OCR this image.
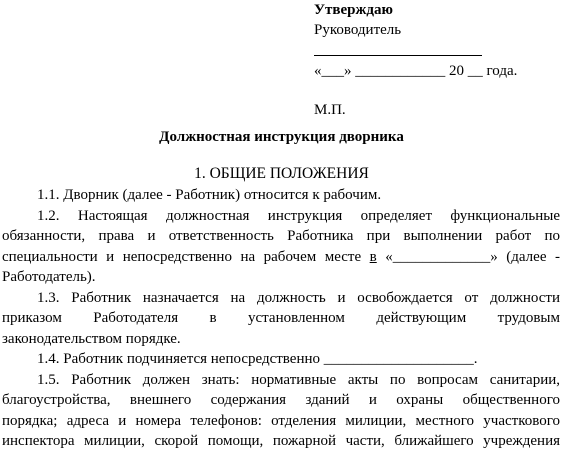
Утверждаю
Руководитель
«___» ____________ 20 __ года.
М.П.
Должностная инструкция дворника
1. ОБЩИЕ ПОЛОЖЕНИЯ
1.1. Дворник (далее - Работник) относится к рабочим.
1.2. Настоящая должностная инструкция определяет функциональные
обязанности, права и ответственность Работника при выполнении работ по
специальности и непосредственно на рабочем месте в «_____________» (далее -
Работодатель).
1.3. Работник назначается на должность и освобождается от должности
приказом Работодателя в установленном действующим трудовым
законодательством порядке.
1.4. Работник подчиняется непосредственно ____________________.
1.5. Работник должен знать: нормативные акты по вопросам санитарии,
благоустройства, внешнего содержания зданий и охраны общественного
порядка; адреса и номера телефонов: отделения милиции, местного участкового
инспектора милиции, скорой помощи, пожарной части, ближайшего учреждения
